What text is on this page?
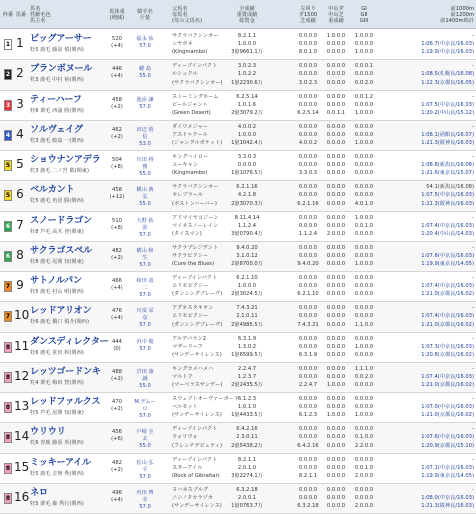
枠番 馬番
馬名
性齢毛色
馬主名
馬体重
(増減)
騎手名
斤量
父馬名
母馬名
(母の父馬名)
全成績
重賞成績
総賞金
左回り
ダ1500
芝成績
中山ダ
中山芝
重成績
GI
GII
GIII
前1000m
前1200m
前1400m時計
1 1 ビッグアーサー
牡5 鹿毛 藤原 慎(関西)
520
(+4)
福永 祐
57.0
サクラバクシンオー
シヤボネ
(Kingmambo)
8.2.1.1
1.0.0.0
3億9661.1万
0.0.0.0
0.0.0.0
8.0.1.0
1.0.0.0
0.0.0.0
0.0.0.0
1.0.0.0
0.0.0.0
1.0.0.0
-
1:06.7(中京良/16.03)
1:19.9(中京良/16.03)
2 2 ブランボヌール
牝3 鹿毛 中村 裕(関西)
446
(+4)
蛯 島
55.0
ディープインパクト
ルシュクル
(サクラバクシンオー)
3.0.2.3
1.0.2.2
1億2230.6万
0.0.0.0
0.0.0.0
3.0.2.3
0.0.0.0
0.0.0.0
0.0.0.0
0.0.0.1
0.0.0.0
0.0.2.0
-
1:08.5(札幌良/16.08)
1:22.3(京都良/16.05)
3 3 ティーハーフ
牡6 栗毛 西浦 勝(関西)
458
(+2)
池添 謙
57.0
ストーミングホーム
ビールジャント
(Green Desert)
6.2.5.14
1.0.1.6
2億3079.2万
0.0.0.0
0.0.0.0
6.2.5.14
0.0.0.0
0.0.0.0
0.0.1.1
0.0.1.2
0.0.0.0
1.0.0.0
-
1:07.5(中京良/16.03)
1:20.2(中山良/15.12)
4 4 ソルヴェイグ
牝3 鹿毛 鮫島 一(関西)
462
(+2)
田辺 裕信
53.0
ダイワメジャー
アスドゥクール
(ジャングルポケット)
4.0.0.2
1.0.0.0
1億1042.4万
0.0.0.0
0.0.0.0
4.0.0.2
0.0.0.0
0.0.0.0
0.0.0.0
0.0.0.0
0.0.0.0
1.0.0.0
-
1:08.1(函館良/16.07)
1:21.3(阪神良/16.03)
5 5 ショウナンアデラ
牝3 鹿毛 二ノ宮 敬(関東)
504
(+8)
川田 将雅
55.0
キングヘイロー
ユーキャン
(Kingmambo)
3.3.0.3
0.0.0.0
1億1076.5万
0.0.0.0
0.0.0.0
3.3.0.3
0.0.0.0
0.0.0.0
0.0.0.0
0.0.0.0
0.0.0.0
0.0.0.0
-
1:08.8(新潟良/16.08)
1:21.6(東京良/15.07)
5 6 ベルカント
牝5 鹿毛 角居 勝(関西)
458
(+12)
横山 典弘
55.0
サクラバクシンオー
セレブラール
(ボストンハーバー)
6.2.1.16
4.2.1.8
2億3070.3万
0.0.0.0
0.0.0.0
6.2.1.16
0.0.0.0
0.0.0.0
0.0.0.0
0.0.0.0
0.0.0.0
4.0.1.0
54.1(新潟良/16.08)
1:07.5(中京良/16.03)
1:21.3(阪神良/16.03)
6 7 スノードラゴン
牡8 芦毛 高木 登(関東)
510
(+8)
大野 拓弥
57.0
アドマイヤコジーン
マイネスノーレイン
(タイスマン)
8.11.4.14
1.1.2.4
3億0790.4万
0.0.0.0
0.0.0.0
1.1.2.4
0.0.0.0
0.0.0.0
2.0.0.0
1.0.0.0
0.0.1.0
0.0.0.0
-
1:07.4(中京良/16.03)
1:20.4(中山良/14.03)
6 8 サクラゴスペル
牡8 鹿毛 尾関 知(関東)
482
(+2)
横山 和生
57.0
サクラプレジデント
サクラピクシー
(Cure the Blues)
9.4.0.20
3.1.0.12
2億8700.0万
0.0.0.0
0.0.0.0
9.4.0.20
0.0.0.0
0.0.0.0
0.0.0.0
0.0.0.0
0.0.0.0
1.0.0.0
-
1:07.6(中京良/16.03)
1:19.9(東京良/14.05)
7 9 サトノルパン
牡5 鹿毛 村山 明(関西)
466
(+4)
和田 竜二
57.0
ディープインパクト
エリモピクシー
(ダンシングブレーヴ)
6.2.1.10
1.0.0.0
2億3024.5万
0.0.0.0
0.0.0.0
6.2.1.10
0.0.0.0
0.0.0.0
0.0.0.0
0.0.0.0
0.0.0.0
0.0.0.0
-
1:07.4(中京良/16.03)
1:21.0(京都良/16.02)
7 10 レッドアリオン
牡6 鹿毛 橋口 慎介(関西)
476
(+4)
川須 栄彦
57.0
アグネスタキオン
エリモピクシー
(ダンシングブレーヴ)
7.4.3.21
2.1.0.11
2億4985.5万
0.0.0.0
0.0.0.0
7.4.3.21
0.0.0.0
0.0.0.0
0.0.0.0
0.0.0.0
0.0.0.0
1.1.0.0
-
1:07.4(中京良/16.03)
1:21.0(京都良/16.02)
8 11 ダンスディレクター
牡6 鹿毛 笹田 和(関西)
444
(0)
浜中 俊
57.0
アルデバラン2
マザーリーフ
(サンデーサイレンス)
6.3.1.9
1.3.0.2
1億6599.5万
0.0.0.0
0.0.0.0
6.3.1.9
0.0.0.0
0.0.0.0
0.0.0.0
0.0.0.0
1.0.0.0
0.0.0.0
-
1:07.3(中京良/16.03)
1:20.8(京都良/16.02)
8 12 レッツゴードンキ
牝4 栗毛 梅田 智(関西)
488
(+2)
岩田 康誠
55.0
キングカメハメハ
マルトク
(マーベラスサンデー)
2.2.4.7
1.2.3.7
2億2435.5万
0.0.0.0
0.0.0.0
2.2.4.7
0.0.0.0
0.0.0.0
1.0.0.0
1.1.1.0
0.0.2.0
0.0.0.0
-
1:07.4(中京良/16.03)
1:21.0(京都良/16.02)
8 13 レッドファルクス
牡5 芦毛 尾関 知(関東)
470
(+2)
M.デムーロ
57.0
スウェプトオーヴァーボード
ベルモット
(サンデーサイレンス)
6.1.2.3
1.0.1.0
1億4433.5万
0.0.0.0
0.0.0.0
6.1.2.3
0.0.0.0
0.0.0.0
1.0.0.0
0.0.0.0
0.0.0.0
1.0.0.0
-
1:07.0(中京良/16.03)
1:21.0(京都良/16.02)
8 14 ウリウリ
牝6 青鹿 藤原 英(関西)
456
(+6)
戸崎 圭太
55.0
ディープインパクト
ウォリウォ
(フレンチデピュティ)
6.4.2.16
2.3.0.11
2億5438.2万
0.0.0.0
0.0.0.0
6.4.2.16
0.0.0.0
0.0.0.0
0.0.0.0
0.0.0.0
0.1.0.0
2.2.0.0
-
1:07.6(中京良/16.03)
1:20.9(京都良/15.10)
8 15 ミッキーアイル
牡5 鹿毛 音無 秀(関西)
482
(+2)
松山 弘平
57.0
ディープインパクト
スターアイル
(Rock of Gibraltar)
8.2.1.1
2.0.1.0
3億2274.1万
0.0.0.0
0.0.0.0
8.2.1.1
0.0.0.0
0.0.0.0
0.0.0.0
0.0.0.0
0.0.1.0
2.0.0.0
-
1:07.1(中京良/16.03)
1:19.9(東京良/14.05)
8 16 ネロ
牡5 栗毛 森 秀行(関西)
496
(+4)
内田 博幸
57.0
ヨハネスブルグ
ニシノタカラヅカ
(サンデーサイレンス)
6.3.2.18
2.0.0.1
1億0763.7万
0.0.0.0
0.0.0.0
6.3.2.18
0.0.0.0
0.0.0.0
0.0.0.0
0.0.0.0
0.0.0.0
2.0.0.0
-
1:08.0(中京良/16.03)
1:21.3(阪神良/16.03)
